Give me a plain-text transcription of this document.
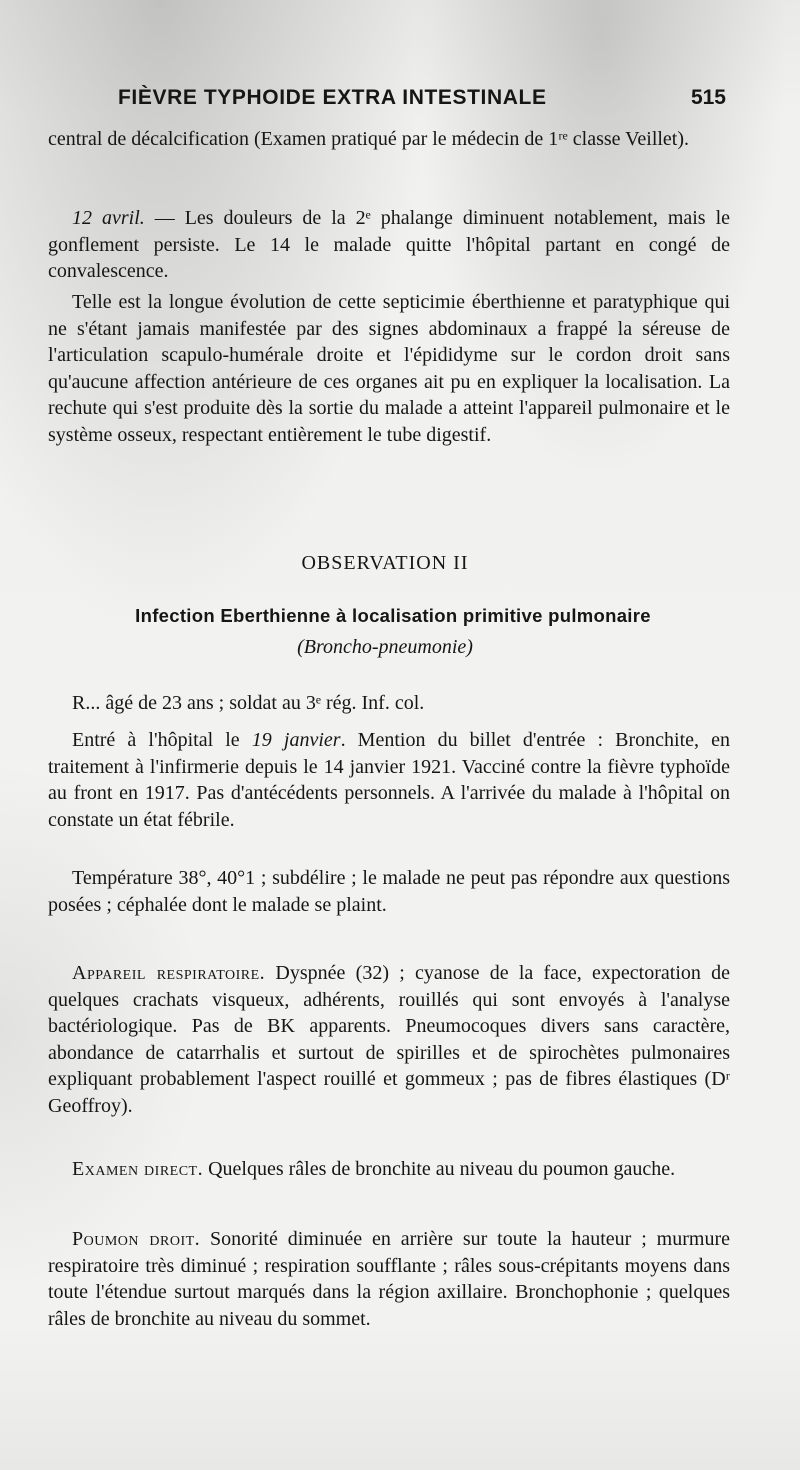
FIÈVRE TYPHOIDE EXTRA INTESTINALE	515

central de décalcification (Examen pratiqué par le médecin de 1ʳᵉ classe Veillet).

12 avril. — Les douleurs de la 2ᵉ phalange diminuent notablement, mais le gonflement persiste. Le 14 le malade quitte l'hôpital partant en congé de convalescence.

Telle est la longue évolution de cette septicimie éberthienne et paratyphique qui ne s'étant jamais manifestée par des signes abdominaux a frappé la séreuse de l'articulation scapulo-humérale droite et l'épididyme sur le cordon droit sans qu'aucune affection antérieure de ces organes ait pu en expliquer la localisation. La rechute qui s'est produite dès la sortie du malade a atteint l'appareil pulmonaire et le système osseux, respectant entièrement le tube digestif.

OBSERVATION II
Infection Eberthienne à localisation primitive pulmonaire
(Broncho-pneumonie)

R... âgé de 23 ans ; soldat au 3ᵉ rég. Inf. col.

Entré à l'hôpital le 19 janvier. Mention du billet d'entrée : Bronchite, en traitement à l'infirmerie depuis le 14 janvier 1921. Vacciné contre la fièvre typhoïde au front en 1917. Pas d'antécédents personnels. A l'arrivée du malade à l'hôpital on constate un état fébrile.

Température 38°, 40°1 ; subdélire ; le malade ne peut pas répondre aux questions posées ; céphalée dont le malade se plaint.

Appareil respiratoire. Dyspnée (32) ; cyanose de la face, expectoration de quelques crachats visqueux, adhérents, rouillés qui sont envoyés à l'analyse bactériologique. Pas de BK apparents. Pneumocoques divers sans caractère, abondance de catarrhalis et surtout de spirilles et de spirochètes pulmonaires expliquant probablement l'aspect rouillé et gommeux ; pas de fibres élastiques (Dʳ Geoffroy).

Examen direct. Quelques râles de bronchite au niveau du poumon gauche.

Poumon droit. Sonorité diminuée en arrière sur toute la hauteur ; murmure respiratoire très diminué ; respiration soufflante ; râles sous-crépitants moyens dans toute l'étendue surtout marqués dans la région axillaire. Bronchophonie ; quelques râles de bronchite au niveau du sommet.
